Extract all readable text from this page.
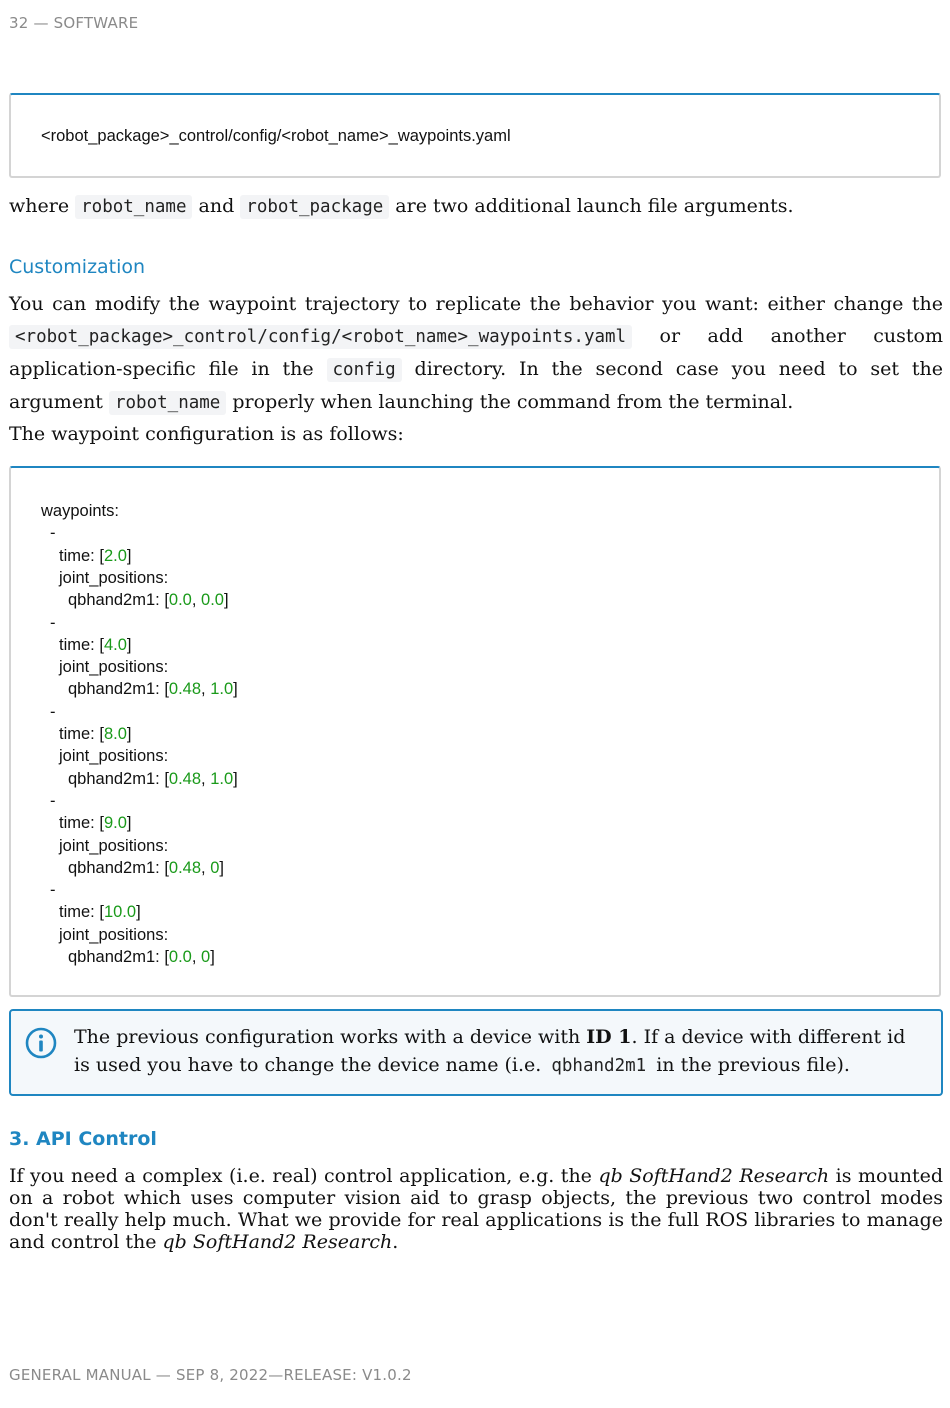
32 — SOFTWARE
<robot_package>_control/config/<robot_name>_waypoints.yaml
where robot_name and robot_package are two additional launch file arguments.
Customization
You can modify the waypoint trajectory to replicate the behavior you want: either change the <robot_package>_control/config/<robot_name>_waypoints.yaml or add another custom application-specific file in the config directory. In the second case you need to set the argument robot_name properly when launching the command from the terminal.
The waypoint configuration is as follows:
waypoints:
-
time: [2.0]
joint_positions:
qbhand2m1: [0.0, 0.0]
-
time: [4.0]
joint_positions:
qbhand2m1: [0.48, 1.0]
-
time: [8.0]
joint_positions:
qbhand2m1: [0.48, 1.0]
-
time: [9.0]
joint_positions:
qbhand2m1: [0.48, 0]
-
time: [10.0]
joint_positions:
qbhand2m1: [0.0, 0]
The previous configuration works with a device with ID 1. If a device with different id is used you have to change the device name (i.e. qbhand2m1 in the previous file).
3. API Control
If you need a complex (i.e. real) control application, e.g. the qb SoftHand2 Research is mounted on a robot which uses computer vision aid to grasp objects, the previous two control modes don't really help much. What we provide for real applications is the full ROS libraries to manage and control the qb SoftHand2 Research.
GENERAL MANUAL — SEP 8, 2022—RELEASE: V1.0.2
